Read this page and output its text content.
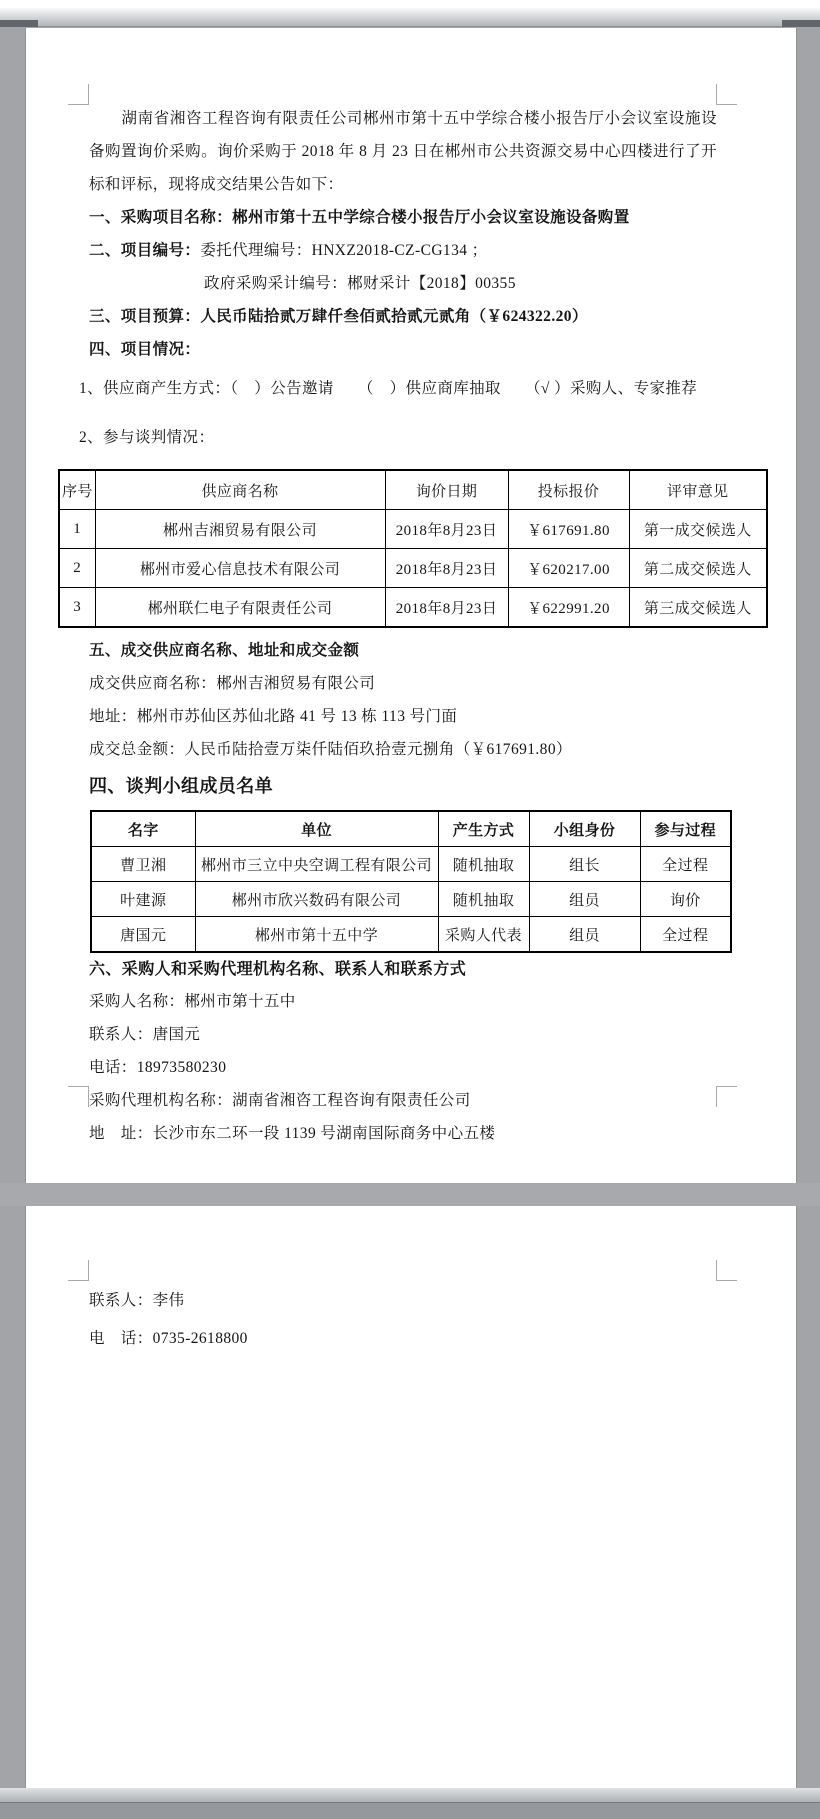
湖南省湘咨工程咨询有限责任公司郴州市第十五中学综合楼小报告厅小会议室设施设备购置询价采购。询价采购于 2018 年 8 月 23 日在郴州市公共资源交易中心四楼进行了开标和评标，现将成交结果公告如下：

一、采购项目名称：郴州市第十五中学综合楼小报告厅小会议室设施设备购置

二、项目编号：委托代理编号：HNXZ2018-CZ-CG134 ；

政府采购采计编号：郴财采计【2018】00355

三、项目预算：人民币陆拾贰万肆仟叁佰贰拾贰元贰角（￥624322.20）

四、项目情况：

1、供应商产生方式：（　）公告邀请　　（　）供应商库抽取　　（√ ）采购人、专家推荐

2、参与谈判情况：

序号	供应商名称	询价日期	投标报价	评审意见
1	郴州吉湘贸易有限公司	2018年8月23日	￥617691.80	第一成交候选人
2	郴州市爱心信息技术有限公司	2018年8月23日	￥620217.00	第二成交候选人
3	郴州联仁电子有限责任公司	2018年8月23日	￥622991.20	第三成交候选人

五、成交供应商名称、地址和成交金额

成交供应商名称：郴州吉湘贸易有限公司

地址：郴州市苏仙区苏仙北路 41 号 13 栋 113 号门面

成交总金额：人民币陆拾壹万柒仟陆佰玖拾壹元捌角（￥617691.80）

四、谈判小组成员名单

名字	单位	产生方式	小组身份	参与过程
曹卫湘	郴州市三立中央空调工程有限公司	随机抽取	组长	全过程
叶建源	郴州市欣兴数码有限公司	随机抽取	组员	询价
唐国元	郴州市第十五中学	采购人代表	组员	全过程

六、采购人和采购代理机构名称、联系人和联系方式

采购人名称：郴州市第十五中

联系人：唐国元

电话：18973580230

采购代理机构名称：湖南省湘咨工程咨询有限责任公司

地　址：长沙市东二环一段 1139 号湖南国际商务中心五楼

联系人：李伟

电　话：0735-2618800
